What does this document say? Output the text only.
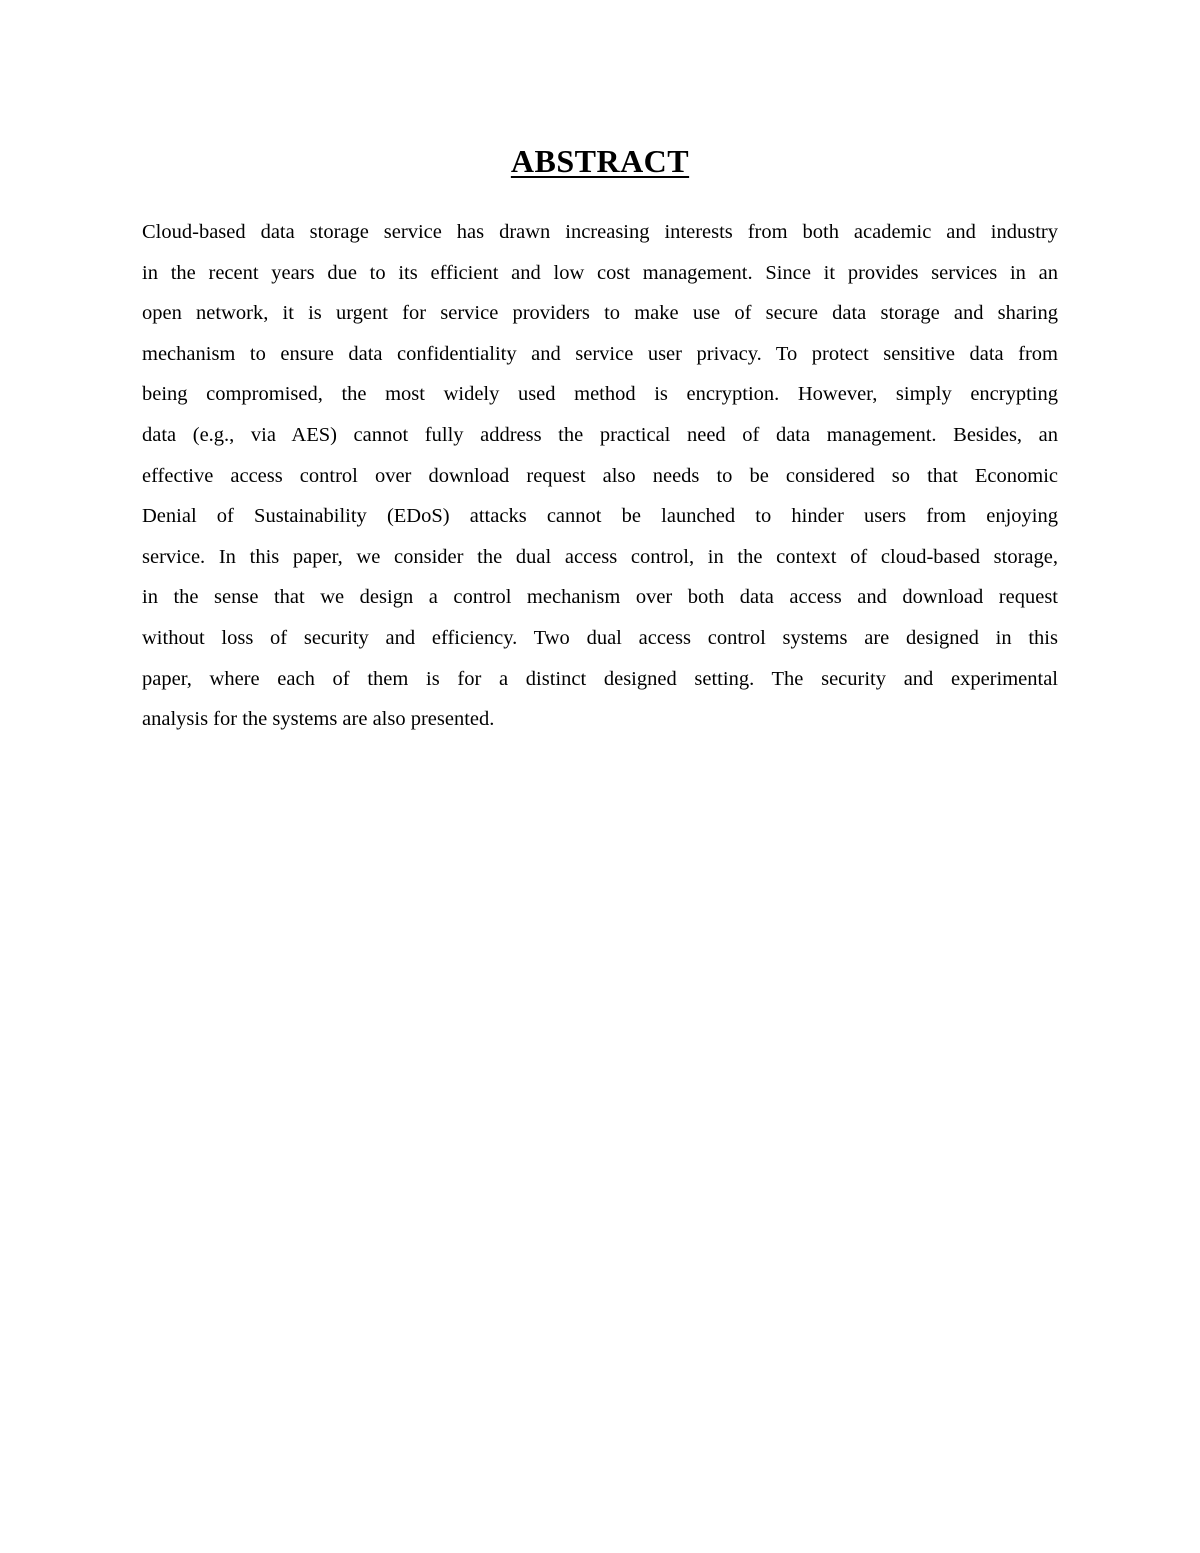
ABSTRACT
Cloud-based data storage service has drawn increasing interests from both academic and industry
in the recent years due to its efficient and low cost management. Since it provides services in an
open network, it is urgent for service providers to make use of secure data storage and sharing
mechanism to ensure data confidentiality and service user privacy. To protect sensitive data from
being compromised, the most widely used method is encryption. However, simply encrypting
data (e.g., via AES) cannot fully address the practical need of data management. Besides, an
effective access control over download request also needs to be considered so that Economic
Denial of Sustainability (EDoS) attacks cannot be launched to hinder users from enjoying
service. In this paper, we consider the dual access control, in the context of cloud-based storage,
in the sense that we design a control mechanism over both data access and download request
without loss of security and efficiency. Two dual access control systems are designed in this
paper, where each of them is for a distinct designed setting. The security and experimental
analysis for the systems are also presented.
